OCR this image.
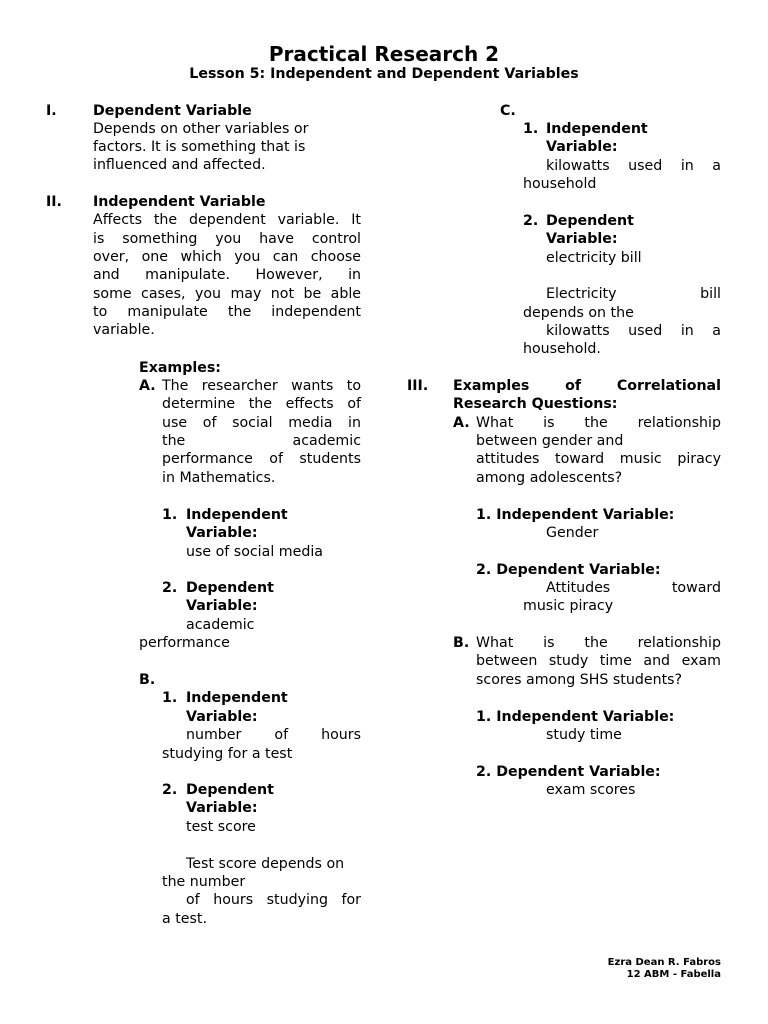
Practical Research 2
Lesson 5: Independent and Dependent Variables
I.	Dependent Variable
Depends on other variables or
factors. It is something that is
influenced and affected.
II. Independent Variable
Affects the dependent variable. It
is something you have control
over, one which you can choose
and manipulate. However, in
some cases, you may not be able
to manipulate the independent
variable.
Examples:
A. The researcher wants to
determine the effects of
use of social media in
the academic
performance of students
in Mathematics.
1. Independent
Variable:
use of social media
2. Dependent
Variable:
academic
performance
B.
1. Independent
Variable:
number of hours
studying for a test
2. Dependent
Variable:
test score
Test score depends on
the number
of hours studying for
a test.
C.
1. Independent
Variable:
kilowatts used in a
household
2. Dependent
Variable:
electricity bill
Electricity bill
depends on the
kilowatts used in a
household.
III. Examples of Correlational
Research Questions:
A. What is the relationship
between gender and
attitudes toward music piracy
among adolescents?
1. Independent Variable:
Gender
2. Dependent Variable:
Attitudes toward
music piracy
B. What is the relationship
between study time and exam
scores among SHS students?
1. Independent Variable:
study time
2. Dependent Variable:
exam scores
Ezra Dean R. Fabros
12 ABM - Fabella
